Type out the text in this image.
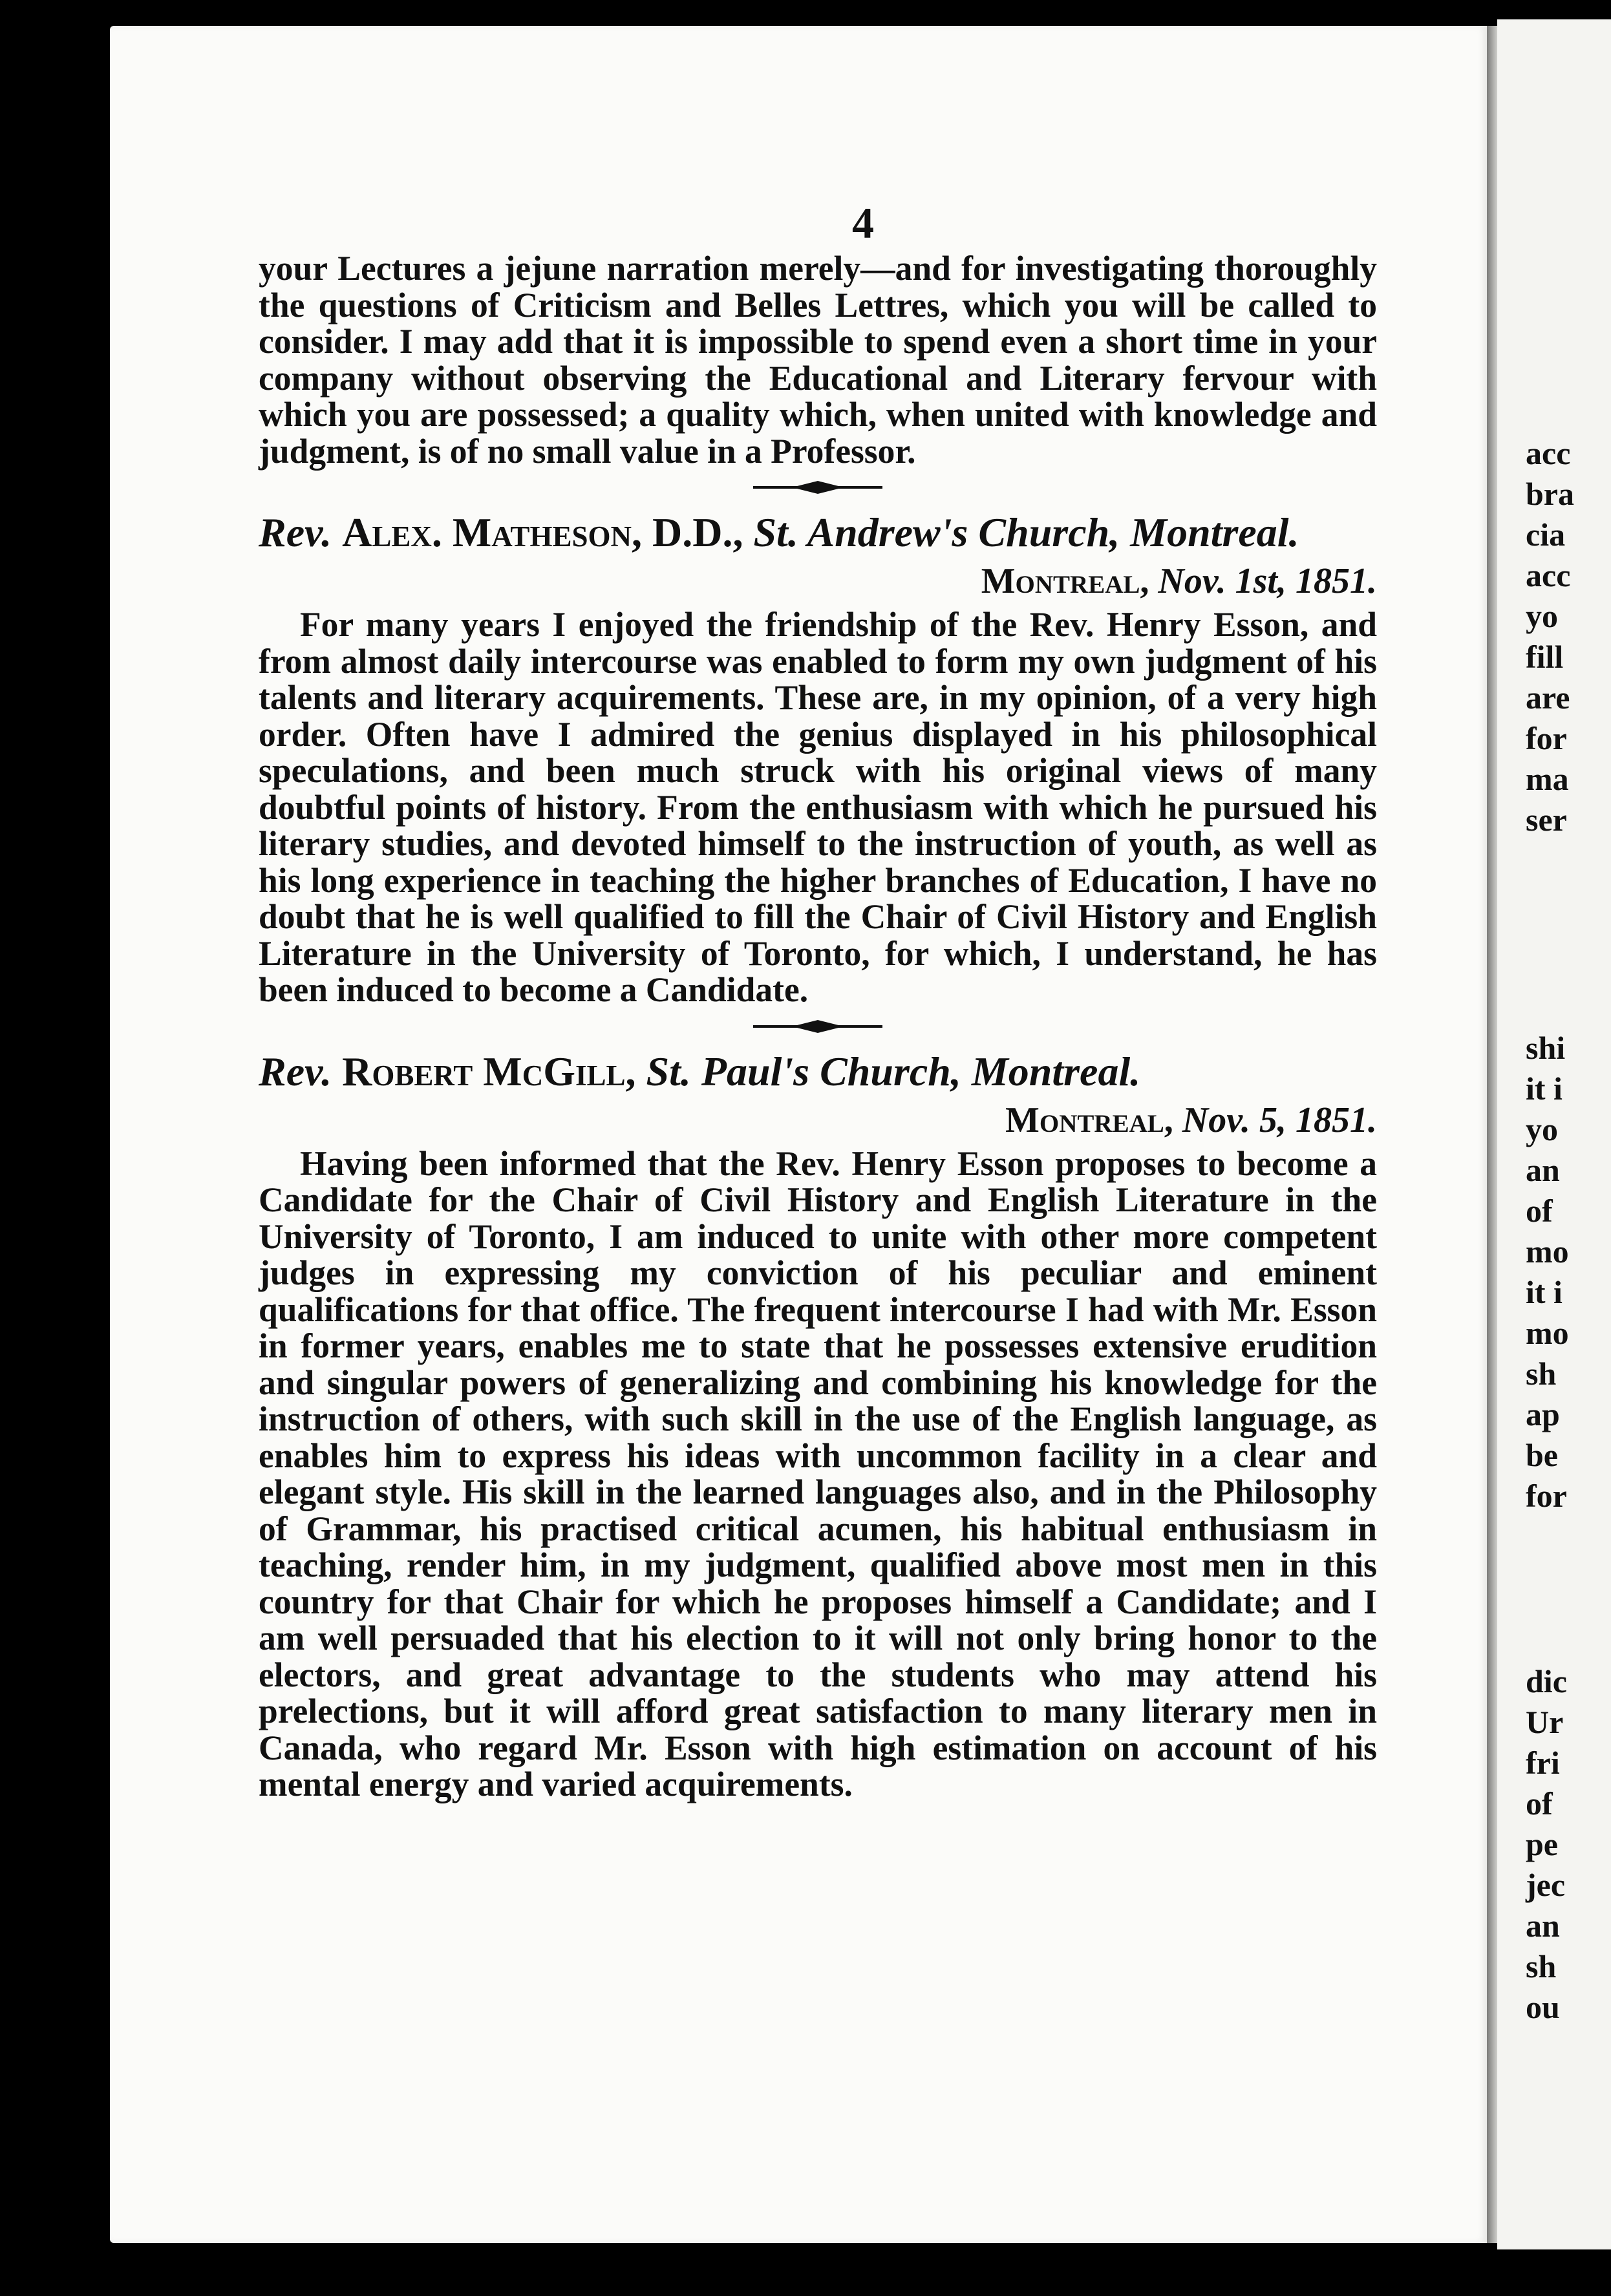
acc
bra
cia
acc
yo
fill
are
for
ma
ser
shi
it i
yo
an
of
mo
it i
mo
sh
ap
be
for
dic
Ur
fri
of
pe
jec
an
sh
ou
4

your Lectures a jejune narration merely—and for investigating thoroughly the questions of Criticism and Belles Lettres, which you will be called to consider. I may add that it is impossible to spend even a short time in your company without observing the Educational and Literary fervour with which you are possessed; a quality which, when united with knowledge and judgment, is of no small value in a Professor.

Rev. Alex. Matheson, D.D., St. Andrew's Church, Montreal.
Montreal, Nov. 1st, 1851.

For many years I enjoyed the friendship of the Rev. Henry Esson, and from almost daily intercourse was enabled to form my own judgment of his talents and literary acquirements. These are, in my opinion, of a very high order. Often have I admired the genius displayed in his philosophical speculations, and been much struck with his original views of many doubtful points of history. From the enthusiasm with which he pursued his literary studies, and devoted himself to the instruction of youth, as well as his long experience in teaching the higher branches of Education, I have no doubt that he is well qualified to fill the Chair of Civil History and English Literature in the University of Toronto, for which, I understand, he has been induced to become a Candidate.

Rev. Robert McGill, St. Paul's Church, Montreal.
Montreal, Nov. 5, 1851.

Having been informed that the Rev. Henry Esson proposes to become a Candidate for the Chair of Civil History and English Literature in the University of Toronto, I am induced to unite with other more competent judges in expressing my conviction of his peculiar and eminent qualifications for that office. The frequent intercourse I had with Mr. Esson in former years, enables me to state that he possesses extensive erudition and singular powers of generalizing and combining his knowledge for the instruction of others, with such skill in the use of the English language, as enables him to express his ideas with uncommon facility in a clear and elegant style. His skill in the learned languages also, and in the Philosophy of Grammar, his practised critical acumen, his habitual enthusiasm in teaching, render him, in my judgment, qualified above most men in this country for that Chair for which he proposes himself a Candidate; and I am well persuaded that his election to it will not only bring honor to the electors, and great advantage to the students who may attend his prelections, but it will afford great satisfaction to many literary men in Canada, who regard Mr. Esson with high estimation on account of his mental energy and varied acquirements.
